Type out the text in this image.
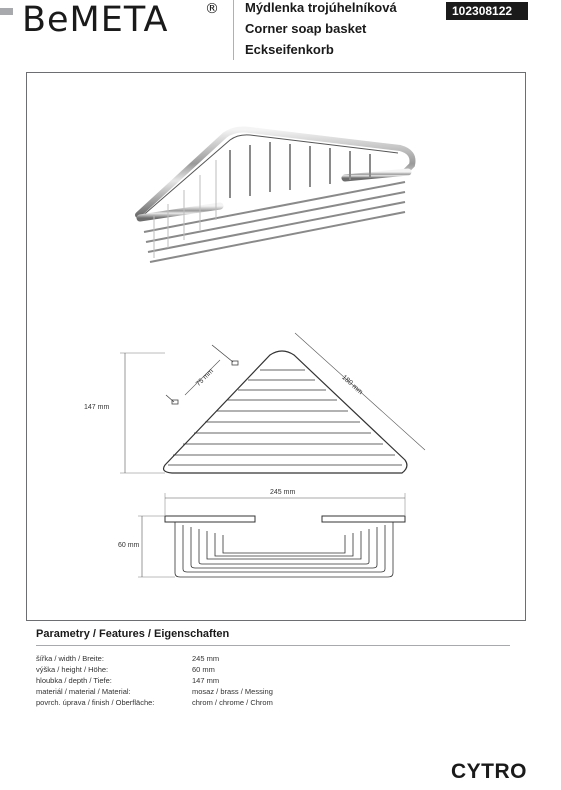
BeMETA	® Mýdlenka trojúhelníková
Corner soap basket
Eckseifenkorb
102308122
147 mm
75 mm	180 mm
245 mm
60 mm
Parametry / Features / Eigenschaften
šířka / width / Breite:	245 mm
výška / height / Höhe:	60 mm
hloubka / depth / Tiefe:	147 mm
materiál / material / Material:	mosaz / brass / Messing
povrch. úprava / finish / Oberfläche:	chrom / chrome / Chrom
CYTRO
